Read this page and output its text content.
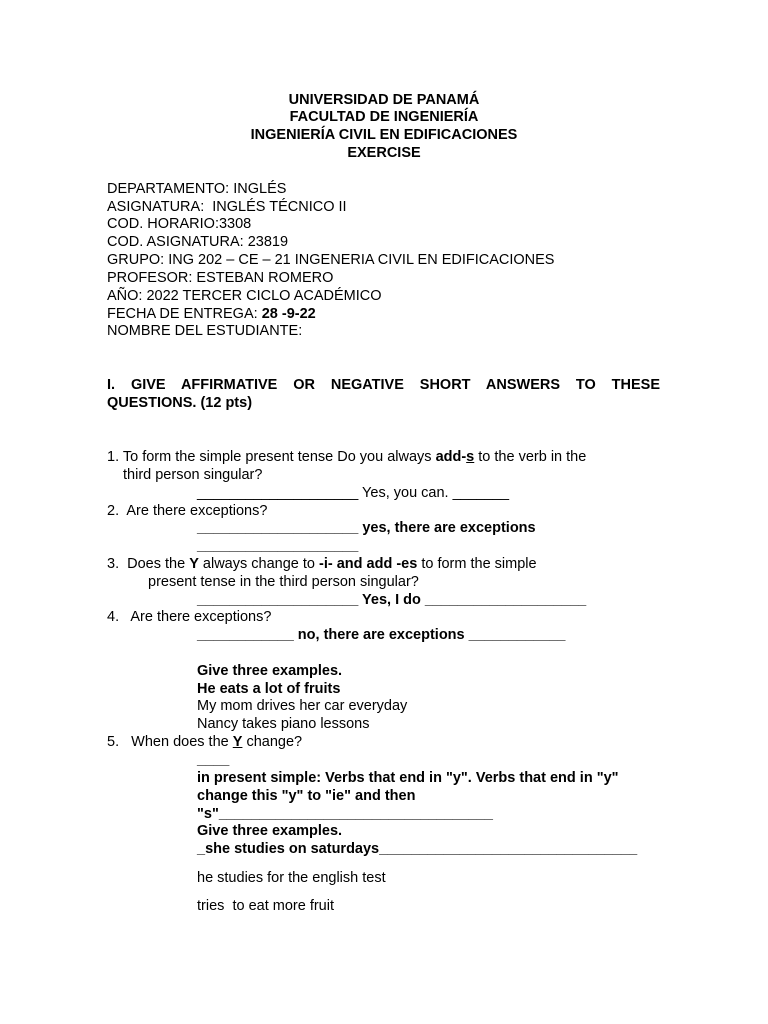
UNIVERSIDAD DE PANAMÁ
FACULTAD DE INGENIERÍA
INGENIERÍA CIVIL EN EDIFICACIONES
EXERCISE
DEPARTAMENTO: INGLÉS
ASIGNATURA:  INGLÉS TÉCNICO II
COD. HORARIO:3308
COD. ASIGNATURA: 23819
GRUPO: ING 202 – CE – 21 INGENERIA CIVIL EN EDIFICACIONES
PROFESOR: ESTEBAN ROMERO
AÑO: 2022 TERCER CICLO ACADÉMICO
FECHA DE ENTREGA: 28 -9-22
NOMBRE DEL ESTUDIANTE:
I. GIVE AFFIRMATIVE OR NEGATIVE SHORT ANSWERS TO THESE
QUESTIONS. (12 pts)
1. To form the simple present tense Do you always add-s to the verb in the
third person singular?
____________________ Yes, you can. _______
2.  Are there exceptions?
____________________ yes, there are exceptions
____________________
3.  Does the Y always change to -i- and add -es to form the simple
present tense in the third person singular?
____________________ Yes, I do ____________________
4.   Are there exceptions?
____________ no, there are exceptions ____________
Give three examples.
He eats a lot of fruits
My mom drives her car everyday
Nancy takes piano lessons
5.   When does the Y change?
____
in present simple: Verbs that end in "y". Verbs that end in "y"
change this "y" to "ie" and then
"s"__________________________________
Give three examples.
_she studies on saturdays________________________________
he studies for the english test
tries  to eat more fruit
